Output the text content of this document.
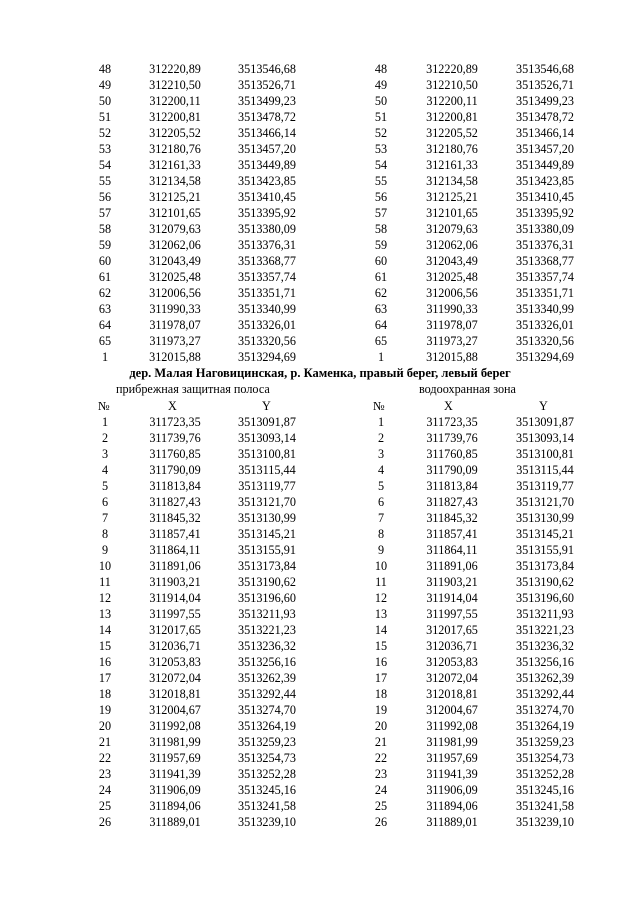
48	312220,89	3513546,68	48	312220,89	3513546,68
49	312210,50	3513526,71	49	312210,50	3513526,71
50	312200,11	3513499,23	50	312200,11	3513499,23
51	312200,81	3513478,72	51	312200,81	3513478,72
52	312205,52	3513466,14	52	312205,52	3513466,14
53	312180,76	3513457,20	53	312180,76	3513457,20
54	312161,33	3513449,89	54	312161,33	3513449,89
55	312134,58	3513423,85	55	312134,58	3513423,85
56	312125,21	3513410,45	56	312125,21	3513410,45
57	312101,65	3513395,92	57	312101,65	3513395,92
58	312079,63	3513380,09	58	312079,63	3513380,09
59	312062,06	3513376,31	59	312062,06	3513376,31
60	312043,49	3513368,77	60	312043,49	3513368,77
61	312025,48	3513357,74	61	312025,48	3513357,74
62	312006,56	3513351,71	62	312006,56	3513351,71
63	311990,33	3513340,99	63	311990,33	3513340,99
64	311978,07	3513326,01	64	311978,07	3513326,01
65	311973,27	3513320,56	65	311973,27	3513320,56
1	312015,88	3513294,69	1	312015,88	3513294,69
дер. Малая Наговицинская, р. Каменка, правый берег, левый берег
прибрежная защитная полоса	водоохранная зона
№	X	Y	№	X	Y
1	311723,35	3513091,87	1	311723,35	3513091,87
2	311739,76	3513093,14	2	311739,76	3513093,14
3	311760,85	3513100,81	3	311760,85	3513100,81
4	311790,09	3513115,44	4	311790,09	3513115,44
5	311813,84	3513119,77	5	311813,84	3513119,77
6	311827,43	3513121,70	6	311827,43	3513121,70
7	311845,32	3513130,99	7	311845,32	3513130,99
8	311857,41	3513145,21	8	311857,41	3513145,21
9	311864,11	3513155,91	9	311864,11	3513155,91
10	311891,06	3513173,84	10	311891,06	3513173,84
11	311903,21	3513190,62	11	311903,21	3513190,62
12	311914,04	3513196,60	12	311914,04	3513196,60
13	311997,55	3513211,93	13	311997,55	3513211,93
14	312017,65	3513221,23	14	312017,65	3513221,23
15	312036,71	3513236,32	15	312036,71	3513236,32
16	312053,83	3513256,16	16	312053,83	3513256,16
17	312072,04	3513262,39	17	312072,04	3513262,39
18	312018,81	3513292,44	18	312018,81	3513292,44
19	312004,67	3513274,70	19	312004,67	3513274,70
20	311992,08	3513264,19	20	311992,08	3513264,19
21	311981,99	3513259,23	21	311981,99	3513259,23
22	311957,69	3513254,73	22	311957,69	3513254,73
23	311941,39	3513252,28	23	311941,39	3513252,28
24	311906,09	3513245,16	24	311906,09	3513245,16
25	311894,06	3513241,58	25	311894,06	3513241,58
26	311889,01	3513239,10	26	311889,01	3513239,10
